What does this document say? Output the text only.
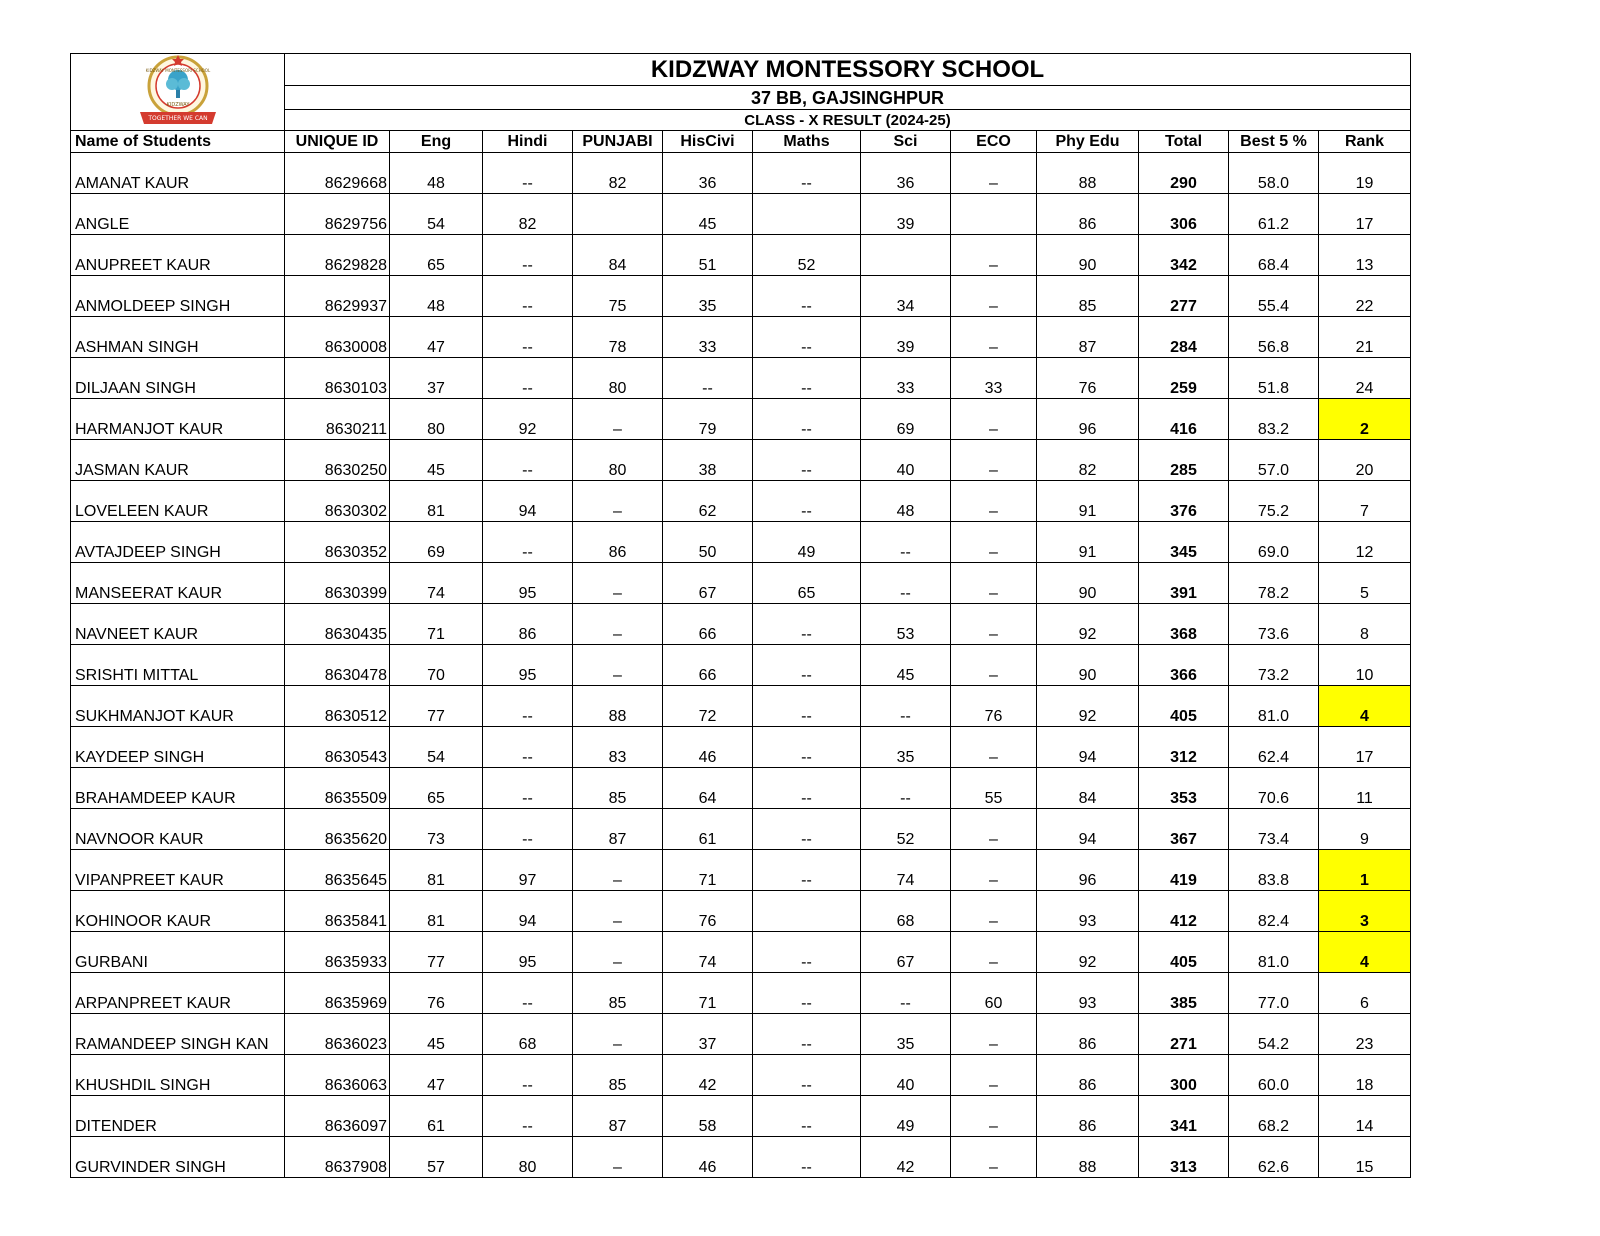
KIDZWAY MONTESSORI SCHOOL
KIDZWAY
TOGETHER WE CAN	KIDZWAY MONTESSORY SCHOOL											
	37 BB, GAJSINGHPUR											
	CLASS - X RESULT (2024-25)											
Name of Students	UNIQUE ID	Eng	Hindi	PUNJABI	HisCivi	Maths	Sci	ECO	Phy Edu	Total	Best 5 %	Rank
AMANAT KAUR	8629668	48	--	82	36	--	36	–	88	290	58.0	19
ANGLE	8629756	54	82		45		39		86	306	61.2	17
ANUPREET KAUR	8629828	65	--	84	51	52		–	90	342	68.4	13
ANMOLDEEP SINGH	8629937	48	--	75	35	--	34	–	85	277	55.4	22
ASHMAN SINGH	8630008	47	--	78	33	--	39	–	87	284	56.8	21
DILJAAN SINGH	8630103	37	--	80	--	--	33	33	76	259	51.8	24
HARMANJOT KAUR	8630211	80	92	–	79	--	69	–	96	416	83.2	2
JASMAN KAUR	8630250	45	--	80	38	--	40	–	82	285	57.0	20
LOVELEEN KAUR	8630302	81	94	–	62	--	48	–	91	376	75.2	7
AVTAJDEEP SINGH	8630352	69	--	86	50	49	--	–	91	345	69.0	12
MANSEERAT KAUR	8630399	74	95	–	67	65	--	–	90	391	78.2	5
NAVNEET KAUR	8630435	71	86	–	66	--	53	–	92	368	73.6	8
SRISHTI MITTAL	8630478	70	95	–	66	--	45	–	90	366	73.2	10
SUKHMANJOT KAUR	8630512	77	--	88	72	--	--	76	92	405	81.0	4
KAYDEEP SINGH	8630543	54	--	83	46	--	35	–	94	312	62.4	17
BRAHAMDEEP KAUR	8635509	65	--	85	64	--	--	55	84	353	70.6	11
NAVNOOR KAUR	8635620	73	--	87	61	--	52	–	94	367	73.4	9
VIPANPREET KAUR	8635645	81	97	–	71	--	74	–	96	419	83.8	1
KOHINOOR KAUR	8635841	81	94	–	76		68	–	93	412	82.4	3
GURBANI	8635933	77	95	–	74	--	67	–	92	405	81.0	4
ARPANPREET KAUR	8635969	76	--	85	71	--	--	60	93	385	77.0	6
RAMANDEEP SINGH KAN	8636023	45	68	–	37	--	35	–	86	271	54.2	23
KHUSHDIL SINGH	8636063	47	--	85	42	--	40	–	86	300	60.0	18
DITENDER	8636097	61	--	87	58	--	49	–	86	341	68.2	14
GURVINDER SINGH	8637908	57	80	–	46	--	42	–	88	313	62.6	15
